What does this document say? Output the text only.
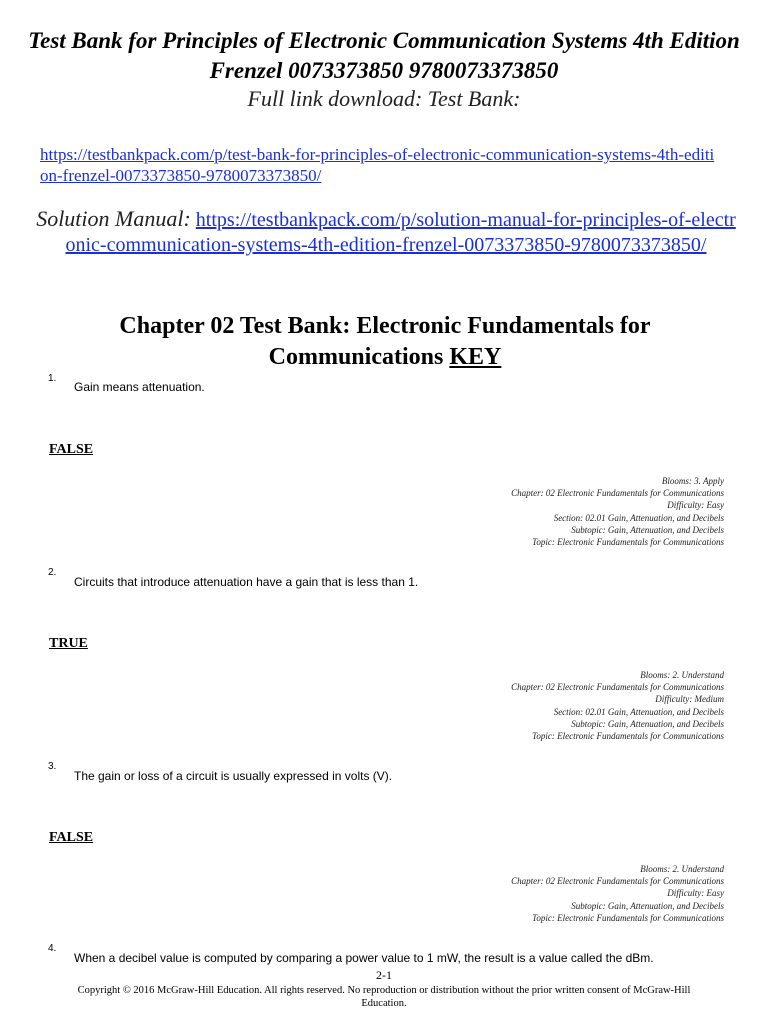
Test Bank for Principles of Electronic Communication Systems 4th Edition Frenzel 0073373850 9780073373850
Full link download: Test Bank:
https://testbankpack.com/p/test-bank-for-principles-of-electronic-communication-systems-4th-edition-frenzel-0073373850-9780073373850/
Solution Manual: https://testbankpack.com/p/solution-manual-for-principles-of-electronic-communication-systems-4th-edition-frenzel-0073373850-9780073373850/
Chapter 02 Test Bank: Electronic Fundamentals for Communications KEY
1.
Gain means attenuation.
FALSE
Blooms: 3. Apply
Chapter: 02 Electronic Fundamentals for Communications
Difficulty: Easy
Section: 02.01 Gain, Attenuation, and Decibels
Subtopic: Gain, Attenuation, and Decibels
Topic: Electronic Fundamentals for Communications
2.
Circuits that introduce attenuation have a gain that is less than 1.
TRUE
Blooms: 2. Understand
Chapter: 02 Electronic Fundamentals for Communications
Difficulty: Medium
Section: 02.01 Gain, Attenuation, and Decibels
Subtopic: Gain, Attenuation, and Decibels
Topic: Electronic Fundamentals for Communications
3.
The gain or loss of a circuit is usually expressed in volts (V).
FALSE
Blooms: 2. Understand
Chapter: 02 Electronic Fundamentals for Communications
Difficulty: Easy
Subtopic: Gain, Attenuation, and Decibels
Topic: Electronic Fundamentals for Communications
4.
When a decibel value is computed by comparing a power value to 1 mW, the result is a value called the dBm.
2-1
Copyright © 2016 McGraw-Hill Education. All rights reserved. No reproduction or distribution without the prior written consent of McGraw-Hill Education.
